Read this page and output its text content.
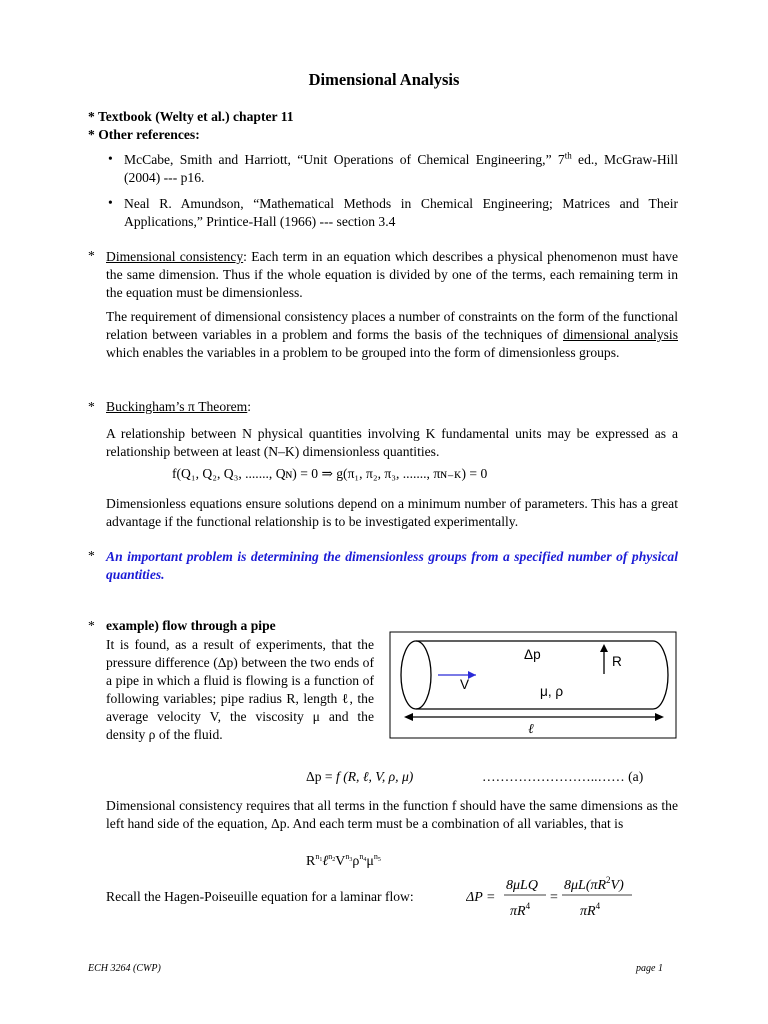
Dimensional Analysis
* Textbook (Welty et al.) chapter 11
* Other references:
• McCabe, Smith and Harriott, “Unit Operations of Chemical Engineering,” 7th ed., McGraw-Hill (2004) --- p16.
• Neal R. Amundson, “Mathematical Methods in Chemical Engineering; Matrices and Their Applications,” Printice-Hall (1966) --- section 3.4
* Dimensional consistency: Each term in an equation which describes a physical phenomenon must have the same dimension. Thus if the whole equation is divided by one of the terms, each remaining term in the equation must be dimensionless.
The requirement of dimensional consistency places a number of constraints on the form of the functional relation between variables in a problem and forms the basis of the techniques of dimensional analysis which enables the variables in a problem to be grouped into the form of dimensionless groups.
* Buckingham’s π Theorem:
A relationship between N physical quantities involving K fundamental units may be expressed as a relationship between at least (N–K) dimensionless quantities.
f(Q₁, Q₂, Q₃, ......., Qɴ) = 0 ⇒ g(π₁, π₂, π₃, ......., πɴ₋ᴋ) = 0
Dimensionless equations ensure solutions depend on a minimum number of parameters. This has a great advantage if the functional relationship is to be investigated experimentally.
* An important problem is determining the dimensionless groups from a specified number of physical quantities.
* example) flow through a pipe
It is found, as a result of experiments, that the pressure difference (Δp) between the two ends of a pipe in which a fluid is flowing is a function of following variables; pipe radius R, length ℓ, the average velocity V, the viscosity μ and the density ρ of the fluid.
Δp	R
V	μ, ρ
ℓ
Δp = f (R, ℓ, V, ρ, μ)	……………………..…… (a)
Dimensional consistency requires that all terms in the function f should have the same dimensions as the left hand side of the equation, Δp. And each term must be a combination of all variables, that is
$R^n1\ell^n2V^n3\rho^n4\mu^n5$
Recall the Hagen-Poiseuille equation for a laminar flow:	ΔP =
8μLQ
$\pi R^4$
=
$8\mu L(\pi R^2V)$
$\pi R^4$
ECH 3264 (CWP)	page 1
